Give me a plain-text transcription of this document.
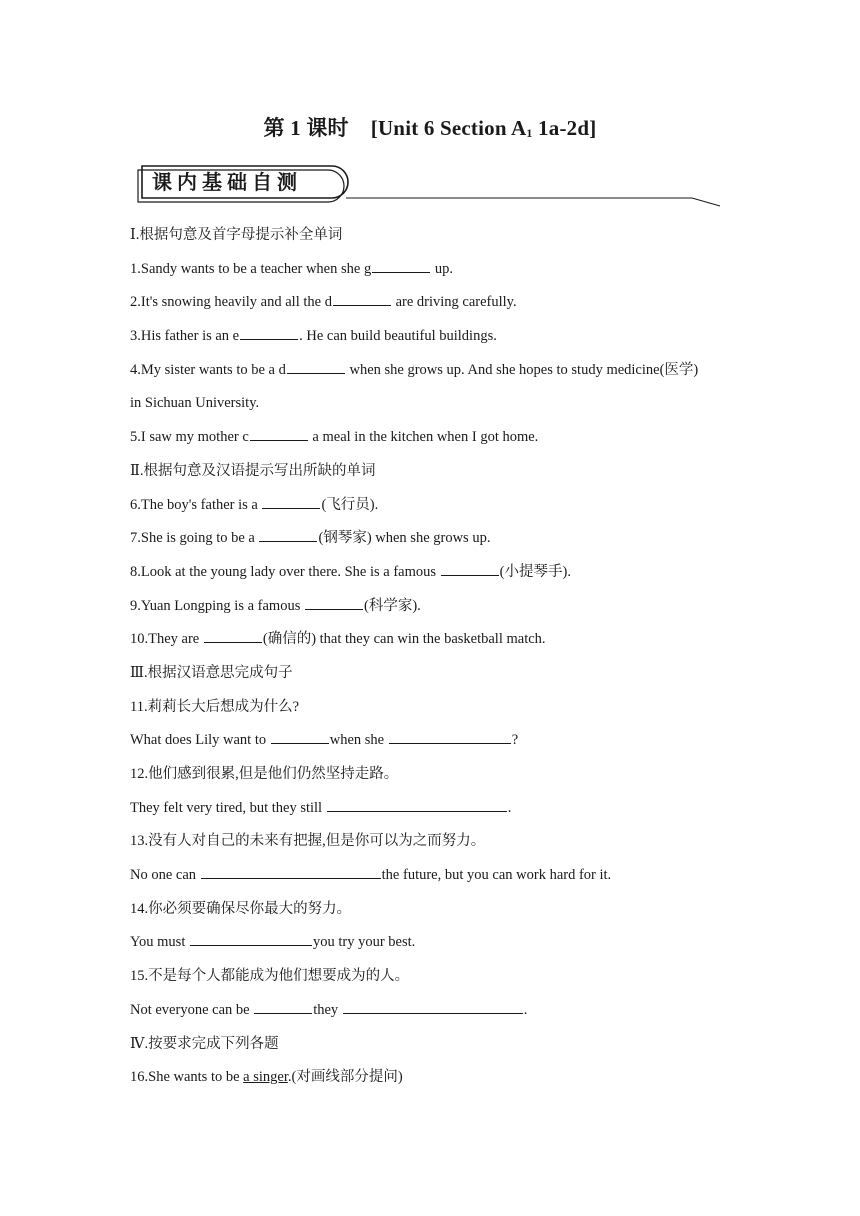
第 1 课时 [Unit 6 Section $A_1$ 1a-2d]
课内基础自测
Ⅰ.根据句意及首字母提示补全单词
1.Sandy wants to be a teacher when she g	up.
2.It's snowing heavily and all the d	are driving carefully.
3.His father is an e	. He can build beautiful buildings.
4.My sister wants to be a d	when she grows up. And she hopes to study medicine(医学)
in Sichuan University.
5.I saw my mother c	a meal in the kitchen when I got home.
Ⅱ.根据句意及汉语提示写出所缺的单词
6.The boy's father is a	(飞行员).
7.She is going to be a	(钢琴家) when she grows up.
8.Look at the young lady over there. She is a famous	(小提琴手).
9.Yuan Longping is a famous	(科学家).
10.They are	(确信的) that they can win the basketball match.
Ⅲ.根据汉语意思完成句子
11.莉莉长大后想成为什么?
What does Lily want to	when she	?
12.他们感到很累,但是他们仍然坚持走路。
They felt very tired, but they still	.
13.没有人对自己的未来有把握,但是你可以为之而努力。
No one can	the future, but you can work hard for it.
14.你必须要确保尽你最大的努力。
You must	you try your best.
15.不是每个人都能成为他们想要成为的人。
Not everyone can be	they	.
Ⅳ.按要求完成下列各题
16.She wants to be a singer.(对画线部分提问)
